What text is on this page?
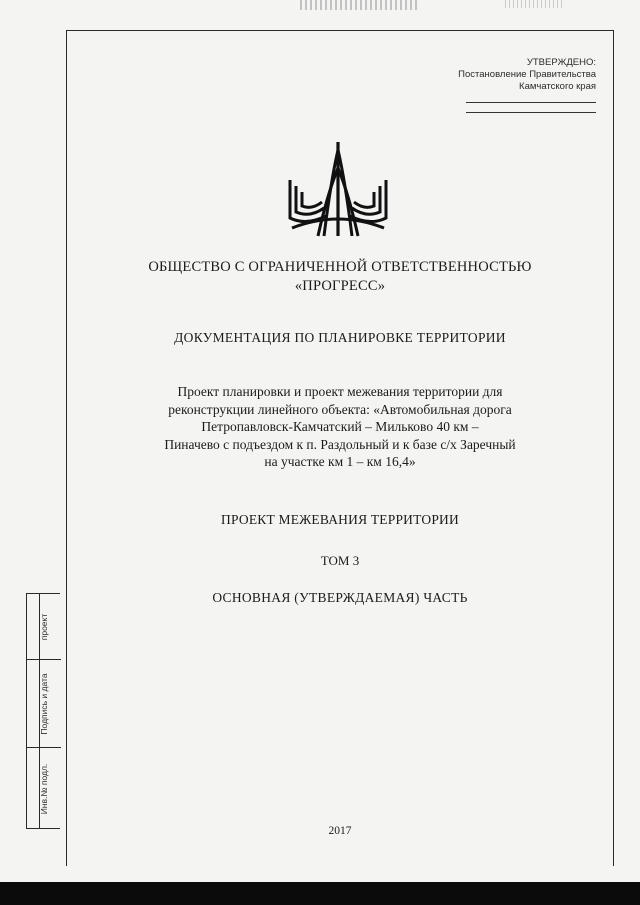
УТВЕРЖДЕНО:
Постановление Правительства
Камчатского края
ОБЩЕСТВО С ОГРАНИЧЕННОЙ ОТВЕТСТВЕННОСТЬЮ
«ПРОГРЕСС»
ДОКУМЕНТАЦИЯ ПО ПЛАНИРОВКЕ ТЕРРИТОРИИ
Проект планировки и проект межевания территории для
реконструкции линейного объекта: «Автомобильная дорога
Петропавловск-Камчатский – Мильково 40 км –
Пиначево с подъездом к п. Раздольный и к базе с/х Заречный
на участке км 1 – км 16,4»
ПРОЕКТ МЕЖЕВАНИЯ ТЕРРИТОРИИ
ТОМ 3
ОСНОВНАЯ (УТВЕРЖДАЕМАЯ) ЧАСТЬ
2017
проект
Подпись и дата
Инв.№ подл.
